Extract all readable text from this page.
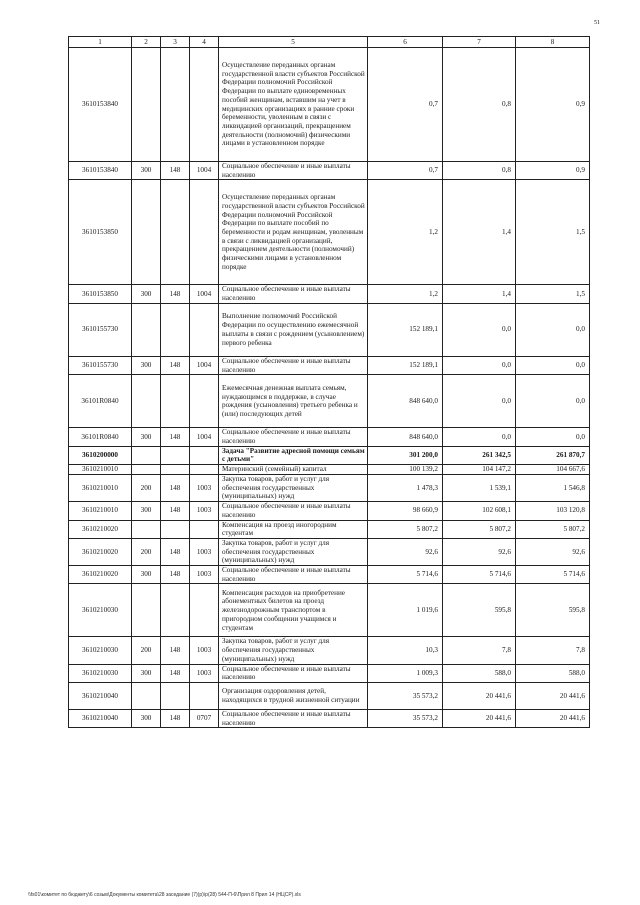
51
1	2	3	4	5	6	7	8
3610153840				Осуществление переданных органам государственной власти субъектов Российской Федерации полномочий Российской Федерации по выплате единовременных пособий женщинам, вставшим на учет в медицинских организациях в ранние сроки беременности, уволенным в связи с ликвидацией организаций, прекращением деятельности (полномочий) физическими лицами в установленном порядке	0,7	0,8	0,9
3610153840	300	148	1004	Социальное обеспечение и иные выплаты населению	0,7	0,8	0,9
3610153850				Осуществление переданных органам государственной власти субъектов Российской Федерации полномочий Российской Федерации по выплате пособий по беременности и родам женщинам, уволенным в связи с ликвидацией организаций, прекращением деятельности (полномочий) физическими лицами в установленном порядке	1,2	1,4	1,5
3610153850	300	148	1004	Социальное обеспечение и иные выплаты населению	1,2	1,4	1,5
3610155730				Выполнение полномочий Российской Федерации по осуществлению ежемесячной выплаты в связи с рождением (усыновлением) первого ребенка	152 189,1	0,0	0,0
3610155730	300	148	1004	Социальное обеспечение и иные выплаты населению	152 189,1	0,0	0,0
36101R0840				Ежемесячная денежная выплата семьям, нуждающимся в поддержке, в случае рождения (усыновления) третьего ребенка и (или) последующих детей	848 640,0	0,0	0,0
36101R0840	300	148	1004	Социальное обеспечение и иные выплаты населению	848 640,0	0,0	0,0
3610200000				Задача "Развитие адресной помощи семьям с детьми"	301 200,0	261 342,5	261 870,7
3610210010				Материнский (семейный) капитал	100 139,2	104 147,2	104 667,6
3610210010	200	148	1003	Закупка товаров, работ и услуг для обеспечения государственных (муниципальных) нужд	1 478,3	1 539,1	1 546,8
3610210010	300	148	1003	Социальное обеспечение и иные выплаты населению	98 660,9	102 608,1	103 120,8
3610210020				Компенсация на проезд иногородним студентам	5 807,2	5 807,2	5 807,2
3610210020	200	148	1003	Закупка товаров, работ и услуг для обеспечения государственных (муниципальных) нужд	92,6	92,6	92,6
3610210020	300	148	1003	Социальное обеспечение и иные выплаты населению	5 714,6	5 714,6	5 714,6
3610210030				Компенсация расходов на приобретение абонементных билетов на проезд железнодорожным транспортом в пригородном сообщении учащимся и студентам	1 019,6	595,8	595,8
3610210030	200	148	1003	Закупка товаров, работ и услуг для обеспечения государственных (муниципальных) нужд	10,3	7,8	7,8
3610210030	300	148	1003	Социальное обеспечение и иные выплаты населению	1 009,3	588,0	588,0
3610210040				Организация оздоровления детей, находящихся в трудной жизненной ситуации	35 573,2	20 441,6	20 441,6
3610210040	300	148	0707	Социальное обеспечение и иные выплаты населению	35 573,2	20 441,6	20 441,6
\\fs01\комитет по бюджету\6 созыв\Документы комитета\28 заседание (7)(р)\р(28) 544-П-6\Прил 8 Прил 14 (НЦСР).xls
